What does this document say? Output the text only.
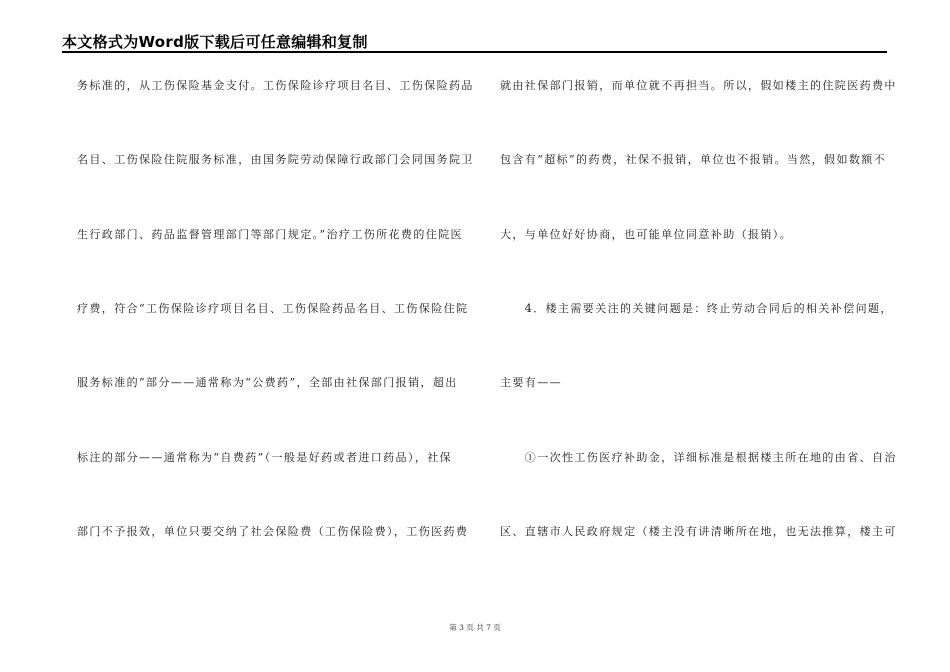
本文格式为Word版下载后可任意编辑和复制
务标准的，从工伤保险基金支付。工伤保险诊疗项目名目、工伤保险药品
名目、工伤保险住院服务标准，由国务院劳动保障行政部门会同国务院卫
生行政部门、药品监督管理部门等部门规定。”治疗工伤所花费的住院医
疗费，符合“工伤保险诊疗项目名目、工伤保险药品名目、工伤保险住院
服务标准的”部分——通常称为“公费药”，全部由社保部门报销，超出
标注的部分——通常称为“自费药”（一般是好药或者进口药品），社保
部门不予报效，单位只要交纳了社会保险费（工伤保险费），工伤医药费
就由社保部门报销，而单位就不再担当。所以，假如楼主的住院医药费中
包含有“超标”的药费，社保不报销，单位也不报销。当然，假如数额不
大，与单位好好协商，也可能单位同意补助（报销）。
　　4．楼主需要关注的关键问题是：终止劳动合同后的相关补偿问题，
主要有——
　　①一次性工伤医疗补助金，详细标准是根据楼主所在地的由省、自治
区、直辖市人民政府规定（楼主没有讲清晰所在地，也无法推算，楼主可
第 3 页 共 7 页
